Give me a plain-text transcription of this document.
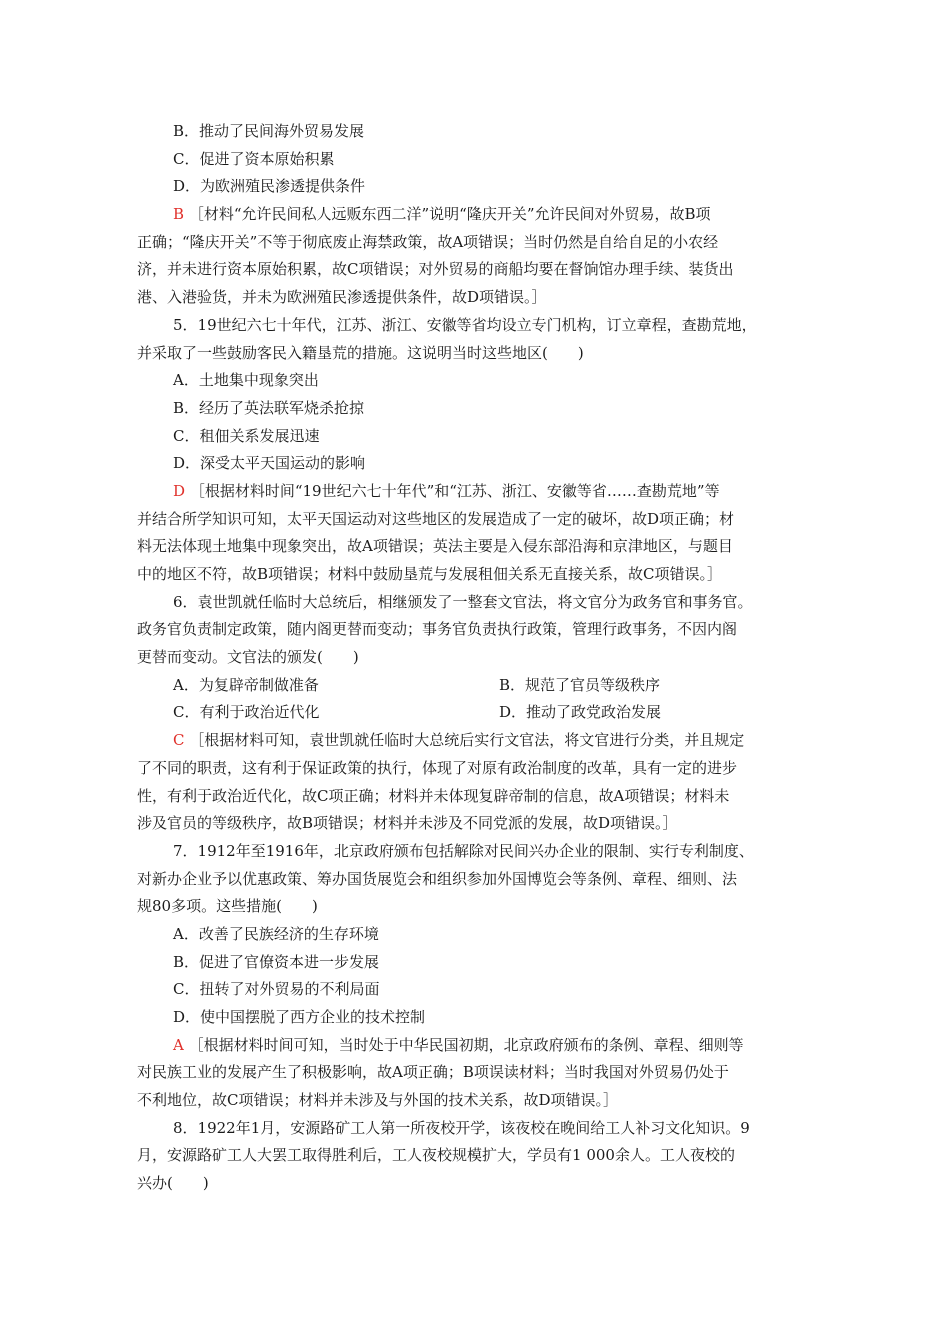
B．推动了民间海外贸易发展
C．促进了资本原始积累
D．为欧洲殖民渗透提供条件
B ［材料“允许民间私人远贩东西二洋”说明“隆庆开关”允许民间对外贸易，故B项
正确；“隆庆开关”不等于彻底废止海禁政策，故A项错误；当时仍然是自给自足的小农经
济，并未进行资本原始积累，故C项错误；对外贸易的商船均要在督饷馆办理手续、装货出
港、入港验货，并未为欧洲殖民渗透提供条件，故D项错误。］
5．19世纪六七十年代，江苏、浙江、安徽等省均设立专门机构，订立章程，查勘荒地，
并采取了一些鼓励客民入籍垦荒的措施。这说明当时这些地区(　　)
A．土地集中现象突出
B．经历了英法联军烧杀抢掠
C．租佃关系发展迅速
D．深受太平天国运动的影响
D ［根据材料时间“19世纪六七十年代”和“江苏、浙江、安徽等省……查勘荒地”等
并结合所学知识可知，太平天国运动对这些地区的发展造成了一定的破坏，故D项正确；材
料无法体现土地集中现象突出，故A项错误；英法主要是入侵东部沿海和京津地区，与题目
中的地区不符，故B项错误；材料中鼓励垦荒与发展租佃关系无直接关系，故C项错误。］
6．袁世凯就任临时大总统后，相继颁发了一整套文官法，将文官分为政务官和事务官。
政务官负责制定政策，随内阁更替而变动；事务官负责执行政策，管理行政事务，不因内阁
更替而变动。文官法的颁发(　　)
A．为复辟帝制做准备	B．规范了官员等级秩序
C．有利于政治近代化	D．推动了政党政治发展
C ［根据材料可知，袁世凯就任临时大总统后实行文官法，将文官进行分类，并且规定
了不同的职责，这有利于保证政策的执行，体现了对原有政治制度的改革，具有一定的进步
性，有利于政治近代化，故C项正确；材料并未体现复辟帝制的信息，故A项错误；材料未
涉及官员的等级秩序，故B项错误；材料并未涉及不同党派的发展，故D项错误。］
7．1912年至1916年，北京政府颁布包括解除对民间兴办企业的限制、实行专利制度、
对新办企业予以优惠政策、筹办国货展览会和组织参加外国博览会等条例、章程、细则、法
规80多项。这些措施(　　)
A．改善了民族经济的生存环境
B．促进了官僚资本进一步发展
C．扭转了对外贸易的不利局面
D．使中国摆脱了西方企业的技术控制
A ［根据材料时间可知，当时处于中华民国初期，北京政府颁布的条例、章程、细则等
对民族工业的发展产生了积极影响，故A项正确；B项误读材料；当时我国对外贸易仍处于
不利地位，故C项错误；材料并未涉及与外国的技术关系，故D项错误。］
8．1922年1月，安源路矿工人第一所夜校开学，该夜校在晚间给工人补习文化知识。9
月，安源路矿工人大罢工取得胜利后，工人夜校规模扩大，学员有1 000余人。工人夜校的
兴办(　　)
